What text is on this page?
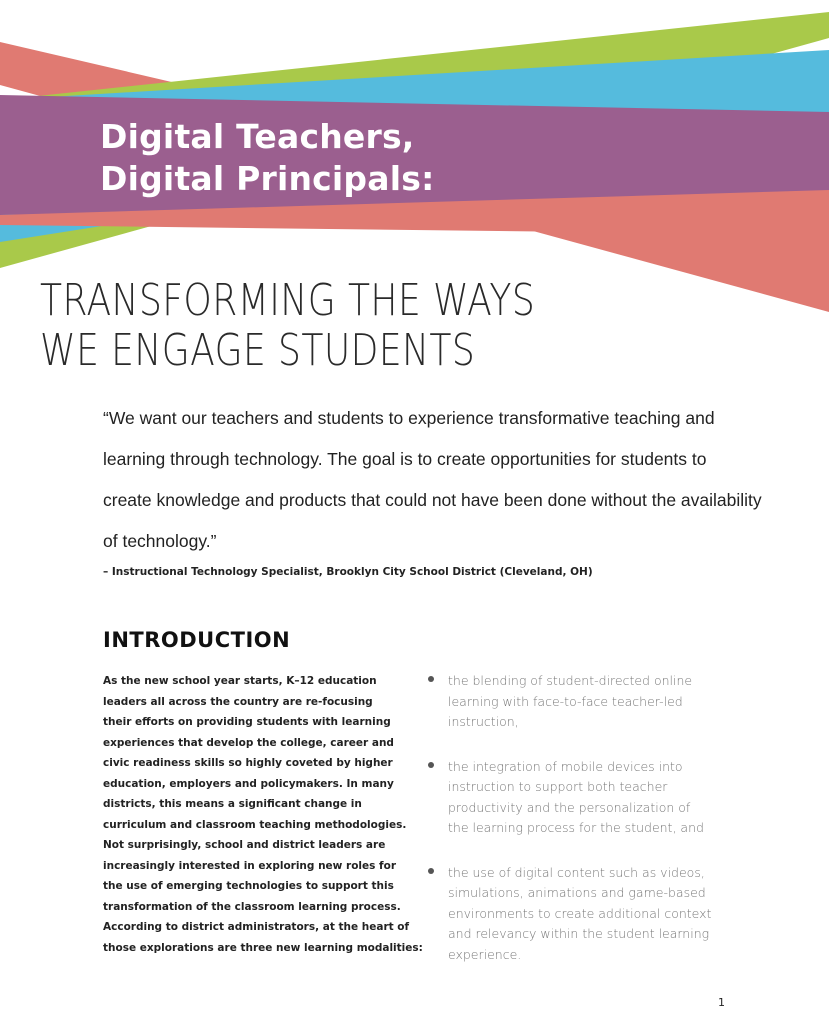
Digital Teachers,
Digital Principals:
TRANSFORMING THE WAYS
WE ENGAGE STUDENTS
“We want our teachers and students to experience transformative teaching and
learning through technology. The goal is to create opportunities for students to
create knowledge and products that could not have been done without the availability
of technology.”
– Instructional Technology Specialist, Brooklyn City School District (Cleveland, OH)
INTRODUCTION
As the new school year starts, K–12 education
leaders all across the country are re-focusing
their efforts on providing students with learning
experiences that develop the college, career and
civic readiness skills so highly coveted by higher
education, employers and policymakers. In many
districts, this means a significant change in
curriculum and classroom teaching methodologies.
Not surprisingly, school and district leaders are
increasingly interested in exploring new roles for
the use of emerging technologies to support this
transformation of the classroom learning process.
According to district administrators, at the heart of
those explorations are three new learning modalities:
the blending of student-directed online
learning with face-to-face teacher-led
instruction,
the integration of mobile devices into
instruction to support both teacher
productivity and the personalization of
the learning process for the student, and
the use of digital content such as videos,
simulations, animations and game-based
environments to create additional context
and relevancy within the student learning
experience.
1
